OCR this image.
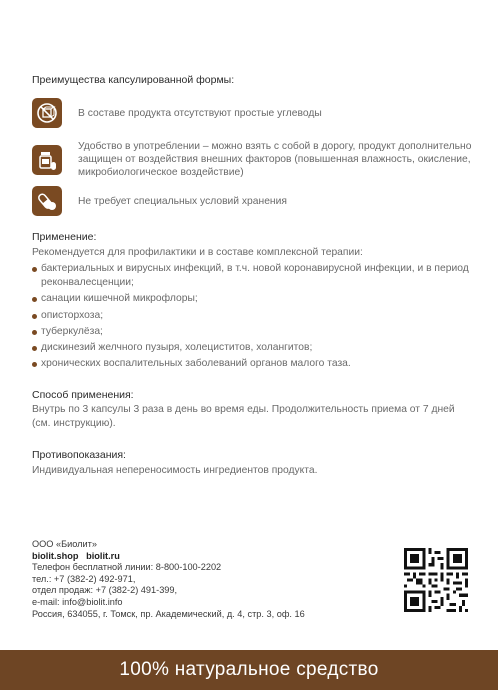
Преимущества капсулированной формы:
В составе продукта отсутствуют простые углеводы
Удобство в употреблении – можно взять с собой в дорогу, продукт дополнительно защищен от воздействия внешних факторов (повышенная влажность, окисление, микробиологическое воздействие)
Не требует специальных условий хранения
Применение:

Рекомендуется для профилактики и в составе комплексной терапии:

бактериальных и вирусных инфекций, в т.ч. новой коронавирусной инфекции, и в период реконвалесценции;
санации кишечной микрофлоры;
описторхоза;
туберкулёза;
дискинезий желчного пузыря, холециститов, холангитов;
хронических воспалительных заболеваний органов малого таза.
Способ применения:

Внутрь по 3 капсулы 3 раза в день во время еды. Продолжительность приема от 7 дней (см. инструкцию).

Противопоказания:

Индивидуальная непереносимость ингредиентов продукта.

ООО «Биолит»
biolit.shop biolit.ru
Телефон бесплатной линии: 8-800-100-2202
тел.: +7 (382-2) 492-971,
отдел продаж: +7 (382-2) 491-399,
e-mail: info@biolit.info
Россия, 634055, г. Томск, пр. Академический, д. 4, стр. 3, оф. 16
100% натуральное средство
